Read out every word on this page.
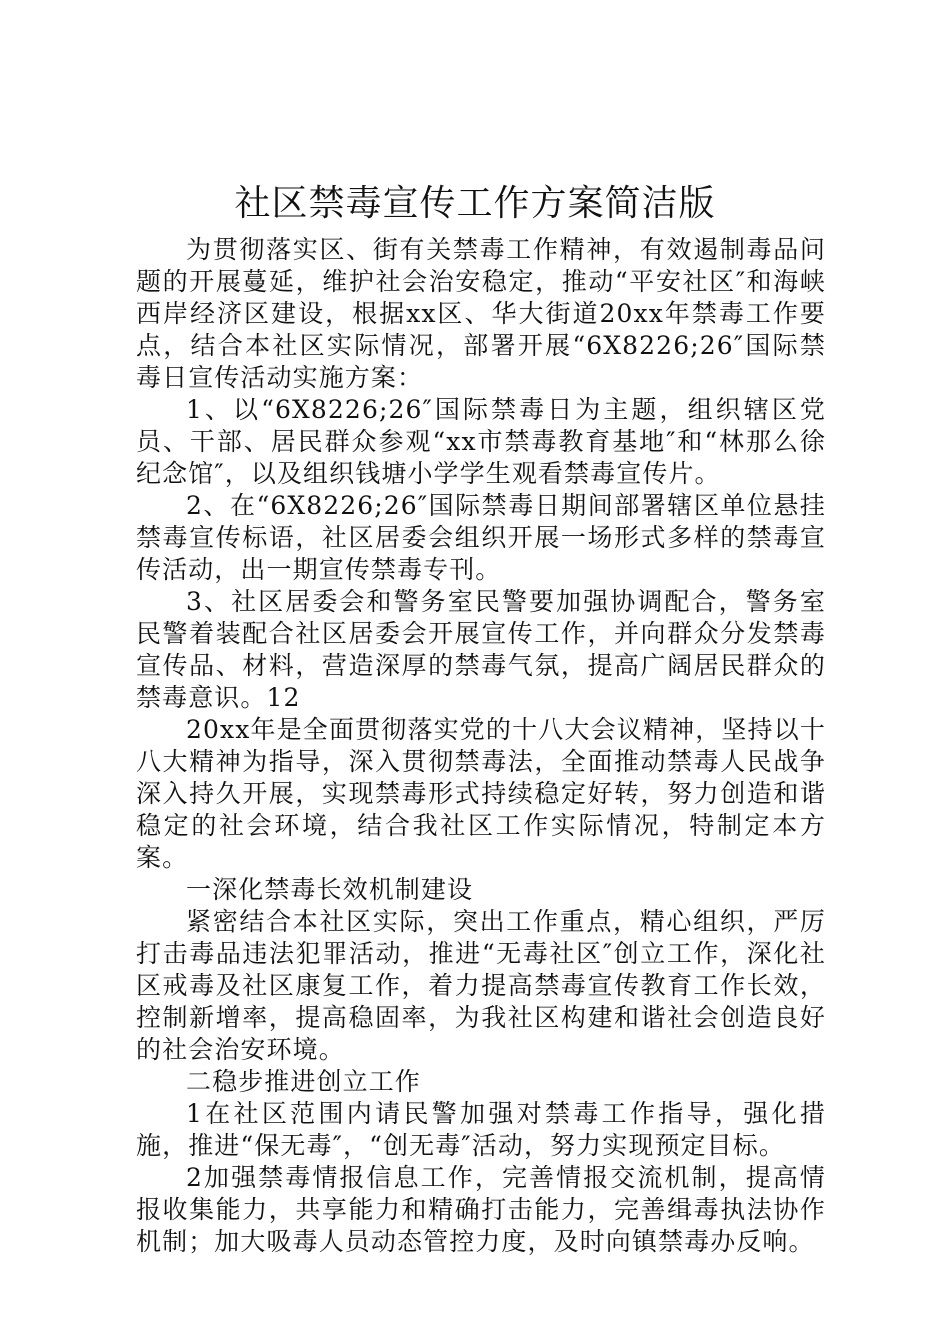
社区禁毒宣传工作方案简洁版

为贯彻落实区、街有关禁毒工作精神，有效遏制毒品问题的开展蔓延，维护社会治安稳定，推动“平安社区″和海峡西岸经济区建设，根据xx区、华大街道20xx年禁毒工作要点，结合本社区实际情况，部署开展“6X8226;26″国际禁毒日宣传活动实施方案：

1、以“6X8226;26″国际禁毒日为主题，组织辖区党员、干部、居民群众参观“xx市禁毒教育基地″和“林那么徐纪念馆″，以及组织钱塘小学学生观看禁毒宣传片。

2、在“6X8226;26″国际禁毒日期间部署辖区单位悬挂禁毒宣传标语，社区居委会组织开展一场形式多样的禁毒宣传活动，出一期宣传禁毒专刊。

3、社区居委会和警务室民警要加强协调配合，警务室民警着装配合社区居委会开展宣传工作，并向群众分发禁毒宣传品、材料，营造深厚的禁毒气氛，提高广阔居民群众的禁毒意识。12

20xx年是全面贯彻落实党的十八大会议精神，坚持以十八大精神为指导，深入贯彻禁毒法，全面推动禁毒人民战争深入持久开展，实现禁毒形式持续稳定好转，努力创造和谐稳定的社会环境，结合我社区工作实际情况，特制定本方案。

一深化禁毒长效机制建设

紧密结合本社区实际，突出工作重点，精心组织，严厉打击毒品违法犯罪活动，推进“无毒社区″创立工作，深化社区戒毒及社区康复工作，着力提高禁毒宣传教育工作长效，控制新增率，提高稳固率，为我社区构建和谐社会创造良好的社会治安环境。

二稳步推进创立工作

1在社区范围内请民警加强对禁毒工作指导，强化措施，推进“保无毒″，“创无毒″活动，努力实现预定目标。

2加强禁毒情报信息工作，完善情报交流机制，提高情报收集能力，共享能力和精确打击能力，完善缉毒执法协作机制；加大吸毒人员动态管控力度，及时向镇禁毒办反响。
